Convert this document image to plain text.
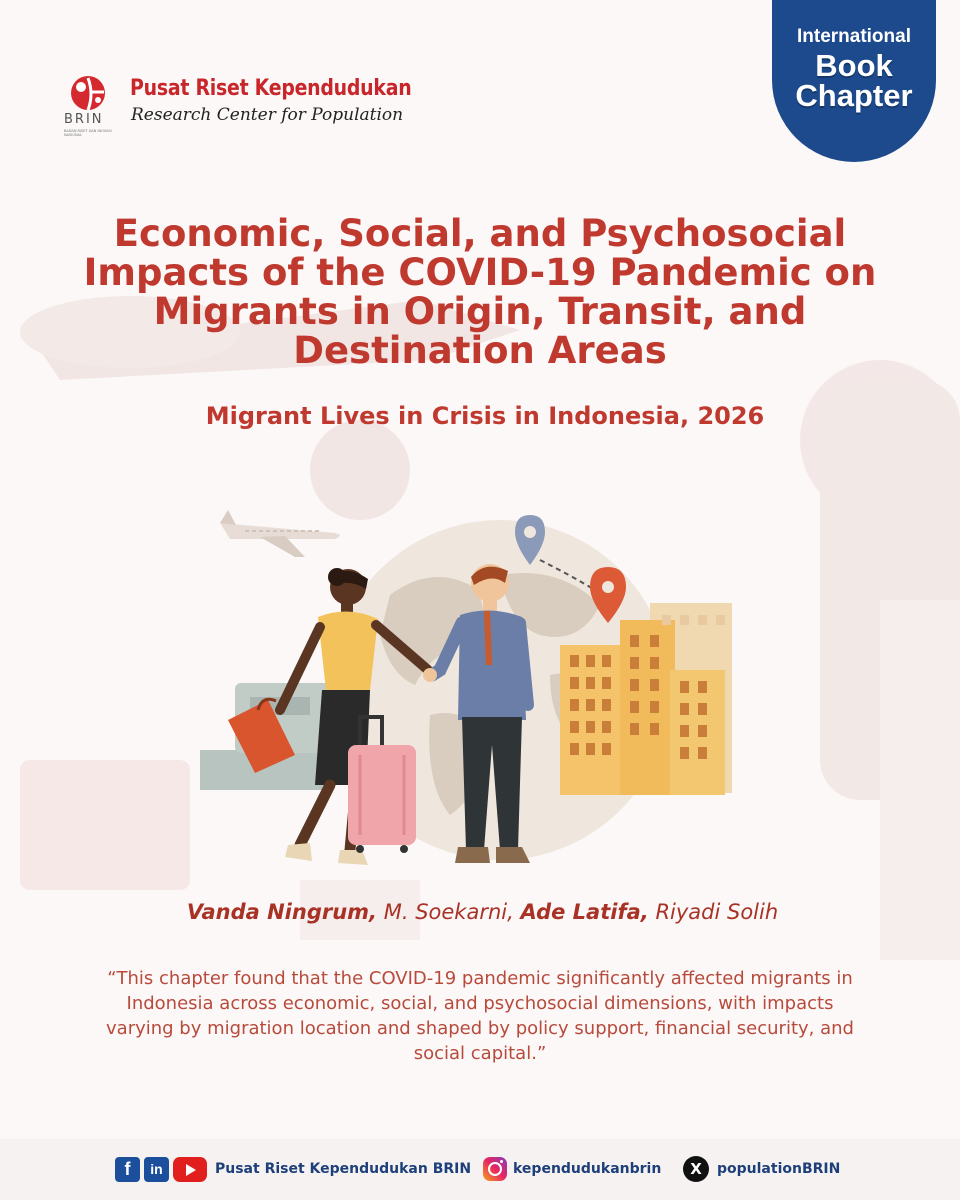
BRIN
BADAN RISET DAN INOVASI NASIONAL
Pusat Riset Kependudukan
Research Center for Population
International
Book
Chapter
Economic, Social, and Psychosocial Impacts of the COVID-19 Pandemic on Migrants in Origin, Transit, and Destination Areas
Migrant Lives in Crisis in Indonesia, 2026
Vanda Ningrum, M. Soekarni, Ade Latifa, Riyadi Solih
“This chapter found that the COVID-19 pandemic significantly affected migrants in Indonesia across economic, social, and psychosocial dimensions, with impacts varying by migration location and shaped by policy support, financial security, and social capital.”
f	in	Pusat Riset Kependudukan BRIN	kependudukanbrin	X	populationBRIN
